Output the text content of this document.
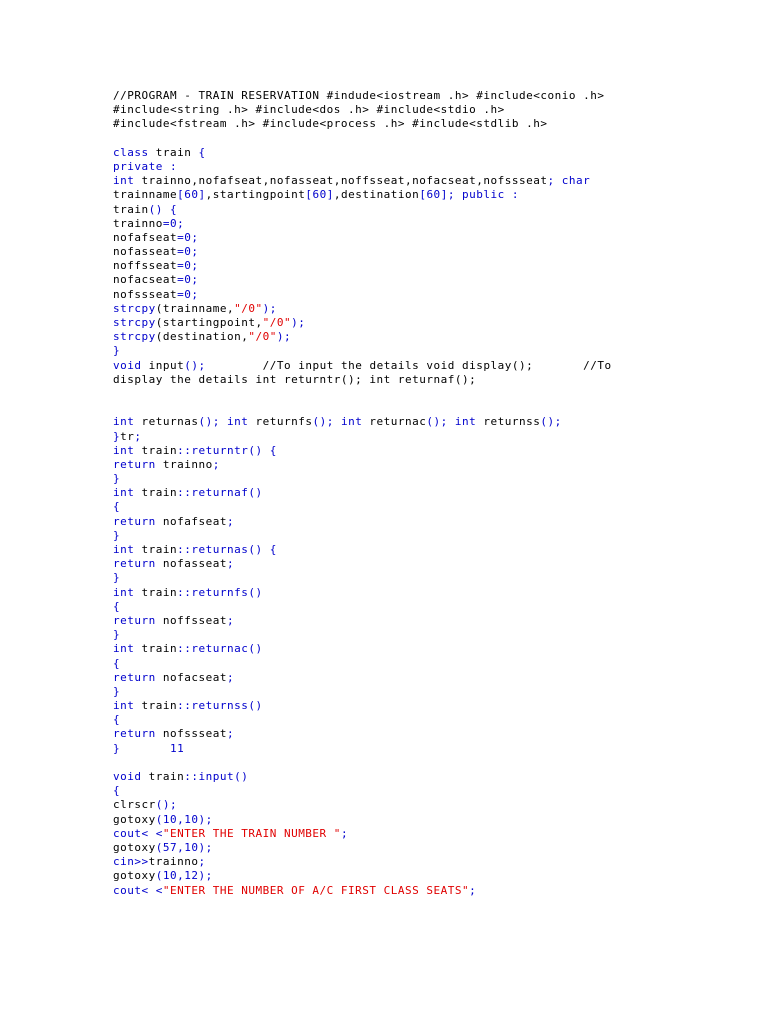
//PROGRAM - TRAIN RESERVATION #indude<iostream .h> #include<conio .h>
#include<string .h> #include<dos .h> #include<stdio .h>
#include<fstream .h> #include<process .h> #include<stdlib .h>
class train {
private :
int trainno,nofafseat,nofasseat,noffsseat,nofacseat,nofssseat; char
trainname[60],startingpoint[60],destination[60]; public :
train() {
trainno=0;
nofafseat=0;
nofasseat=0;
noffsseat=0;
nofacseat=0;
nofssseat=0;
strcpy(trainname,"/0");
strcpy(startingpoint,"/0");
strcpy(destination,"/0");
}
void input();        //To input the details void display();       //To
display the details int returntr(); int returnaf();
int returnas(); int returnfs(); int returnac(); int returnss();
}tr;
int train::returntr() {
return trainno;
}
int train::returnaf()
{
return nofafseat;
}
int train::returnas() {
return nofasseat;
}
int train::returnfs()
{
return noffsseat;
}
int train::returnac()
{
return nofacseat;
}
int train::returnss()
{
return nofssseat;
}       11
void train::input()
{
clrscr();
gotoxy(10,10);
cout< <"ENTER THE TRAIN NUMBER ";
gotoxy(57,10);
cin>>trainno;
gotoxy(10,12);
cout< <"ENTER THE NUMBER OF A/C FIRST CLASS SEATS";
